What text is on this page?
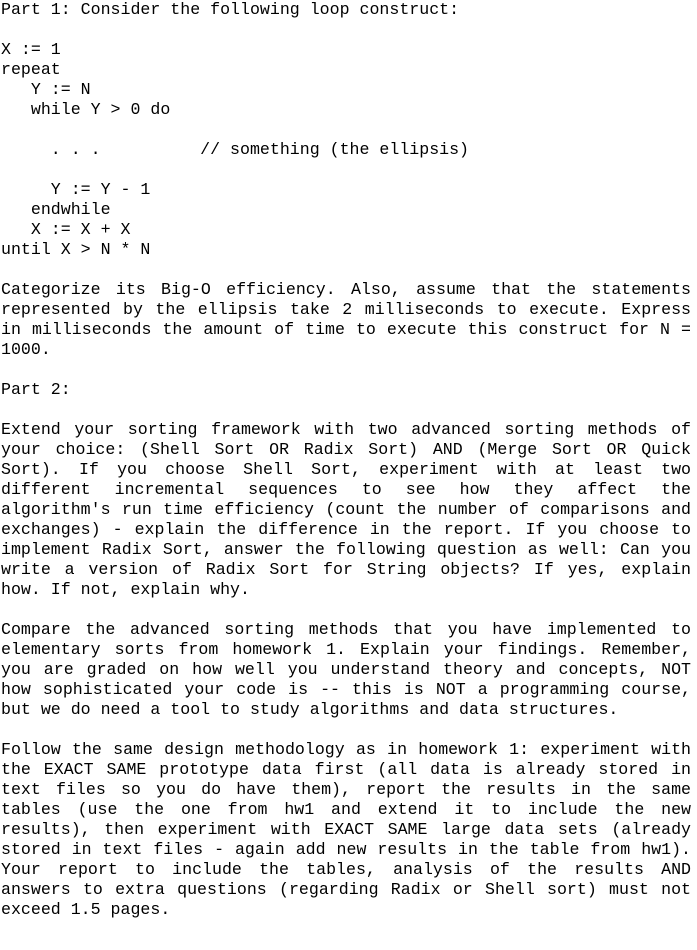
Part 1: Consider the following loop construct:
X := 1
repeat
Y := N
while Y > 0 do
. . .          // something (the ellipsis)
Y := Y - 1
endwhile
X := X + X
until X > N * N

Categorize its Big-O efficiency. Also, assume that the statements represented by the ellipsis take 2 milliseconds to execute. Express in milliseconds the amount of time to execute this construct for N = 1000.

Part 2:

Extend your sorting framework with two advanced sorting methods of your choice: (Shell Sort OR Radix Sort) AND (Merge Sort OR Quick Sort). If you choose Shell Sort, experiment with at least two different incremental sequences to see how they affect the algorithm's run time efficiency (count the number of comparisons and exchanges) - explain the difference in the report. If you choose to implement Radix Sort, answer the following question as well: Can you write a version of Radix Sort for String objects? If yes, explain how. If not, explain why.

Compare the advanced sorting methods that you have implemented to elementary sorts from homework 1. Explain your findings. Remember, you are graded on how well you understand theory and concepts, NOT how sophisticated your code is -- this is NOT a programming course, but we do need a tool to study algorithms and data structures.

Follow the same design methodology as in homework 1: experiment with the EXACT SAME prototype data first (all data is already stored in text files so you do have them), report the results in the same tables (use the one from hw1 and extend it to include the new results), then experiment with EXACT SAME large data sets (already stored in text files - again add new results in the table from hw1). Your report to include the tables, analysis of the results AND answers to extra questions (regarding Radix or Shell sort) must not exceed 1.5 pages.
